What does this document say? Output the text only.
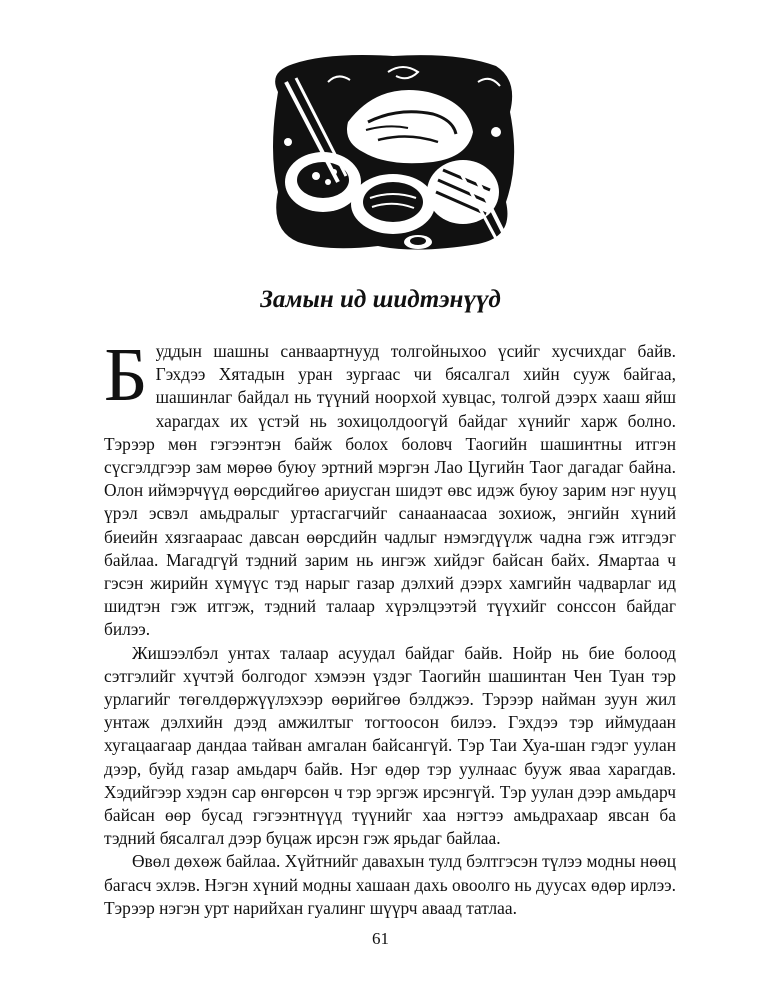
Замын ид шидтэнүүд

Буддын шашны санваартнууд толгойныхоо үсийг хусчихдаг байв. Гэхдээ Хятадын уран зургаас чи бясалгал хийн сууж байгаа, шашинлаг байдал нь түүний ноорхой хувцас, толгой дээрх хааш яйш харагдах их үстэй нь зохицолдоогүй байдаг хүнийг харж болно. Тэрээр мөн гэгээнтэн байж болох боловч Таогийн шашинтны итгэн сүсгэлдгээр зам мөрөө буюу эртний мэргэн Лао Цугийн Таог дагадаг байна. Олон иймэрчүүд өөрсдийгөө ариусган шидэт өвс идэж буюу зарим нэг нууц үрэл эсвэл амьдралыг уртасгагчийг санаанаасаа зохиож, энгийн хүний биеийн хязгаараас давсан өөрсдийн чадлыг нэмэгдүүлж чадна гэж итгэдэг байлаа. Магадгүй тэдний зарим нь ингэж хийдэг байсан байх. Ямартаа ч гэсэн жирийн хүмүүс тэд нарыг газар дэлхий дээрх хамгийн чадварлаг ид шидтэн гэж итгэж, тэдний талаар хүрэлцээтэй түүхийг сонссон байдаг билээ.

Жишээлбэл унтах талаар асуудал байдаг байв. Нойр нь бие болоод сэтгэлийг хүчтэй болгодог хэмээн үздэг Таогийн шашинтан Чен Туан тэр урлагийг төгөлдөржүүлэхээр өөрийгөө бэлджээ. Тэрээр найман зуун жил унтаж дэлхийн дээд амжилтыг тогтоосон билээ. Гэхдээ тэр иймудаан хугацаагаар дандаа тайван амгалан байсангүй. Тэр Таи Хуа-шан гэдэг уулан дээр, буйд газар амьдарч байв. Нэг өдөр тэр уулнаас бууж яваа харагдав. Хэдийгээр хэдэн сар өнгөрсөн ч тэр эргэж ирсэнгүй. Тэр уулан дээр амьдарч байсан өөр бусад гэгээнтнүүд түүнийг хаа нэгтээ амьдрахаар явсан ба тэдний бясалгал дээр буцаж ирсэн гэж ярьдаг байлаа.

Өвөл дөхөж байлаа. Хүйтнийг давахын тулд бэлтгэсэн түлээ модны нөөц багасч эхлэв. Нэгэн хүний модны хашаан дахь овоолго нь дуусах өдөр ирлээ. Тэрээр нэгэн урт нарийхан гуалинг шүүрч аваад татлаа.

61
